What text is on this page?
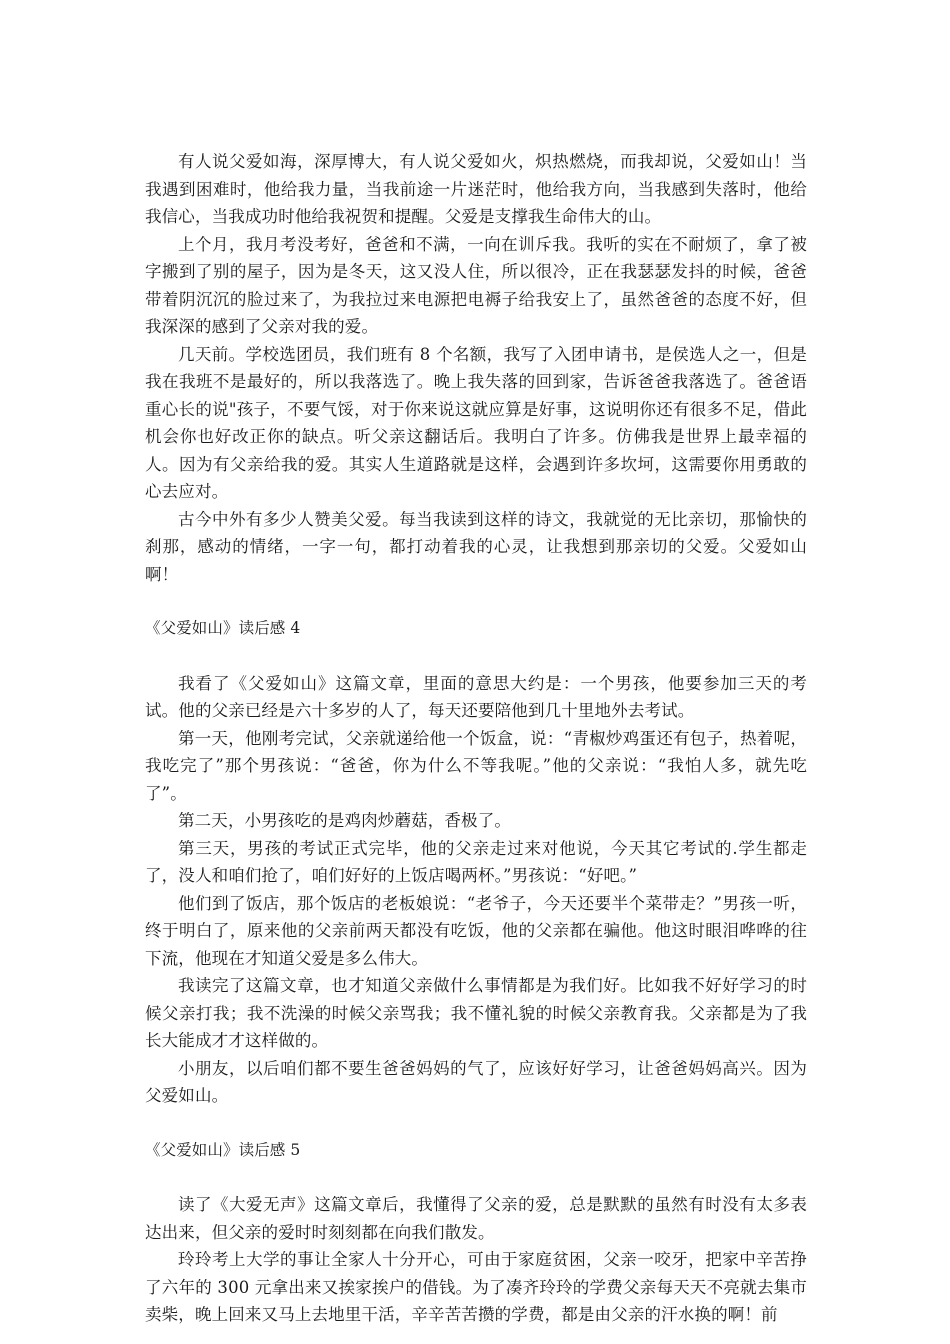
有人说父爱如海，深厚博大，有人说父爱如火，炽热燃烧，而我却说，父爱如山！当我遇到困难时，他给我力量，当我前途一片迷茫时，他给我方向，当我感到失落时，他给我信心，当我成功时他给我祝贺和提醒。父爱是支撑我生命伟大的山。

上个月，我月考没考好，爸爸和不满，一向在训斥我。我听的实在不耐烦了，拿了被字搬到了别的屋子，因为是冬天，这又没人住，所以很冷，正在我瑟瑟发抖的时候，爸爸带着阴沉沉的脸过来了，为我拉过来电源把电褥子给我安上了，虽然爸爸的态度不好，但我深深的感到了父亲对我的爱。

几天前。学校选团员，我们班有 8 个名额，我写了入团申请书，是侯选人之一，但是我在我班不是最好的，所以我落选了。晚上我失落的回到家，告诉爸爸我落选了。爸爸语重心长的说"孩子，不要气馁，对于你来说这就应算是好事，这说明你还有很多不足，借此机会你也好改正你的缺点。听父亲这翻话后。我明白了许多。仿佛我是世界上最幸福的人。因为有父亲给我的爱。其实人生道路就是这样，会遇到许多坎坷，这需要你用勇敢的心去应对。

古今中外有多少人赞美父爱。每当我读到这样的诗文，我就觉的无比亲切，那愉快的刹那，感动的情绪，一字一句，都打动着我的心灵，让我想到那亲切的父爱。父爱如山啊！

《父爱如山》读后感 4

我看了《父爱如山》这篇文章，里面的意思大约是：一个男孩，他要参加三天的考试。他的父亲已经是六十多岁的人了，每天还要陪他到几十里地外去考试。

第一天，他刚考完试，父亲就递给他一个饭盒，说：“青椒炒鸡蛋还有包子，热着呢，我吃完了”那个男孩说：“爸爸，你为什么不等我呢。”他的父亲说：“我怕人多，就先吃了”。

第二天，小男孩吃的是鸡肉炒蘑菇，香极了。

第三天，男孩的考试正式完毕，他的父亲走过来对他说，今天其它考试的.学生都走了，没人和咱们抢了，咱们好好的上饭店喝两杯。”男孩说：“好吧。”

他们到了饭店，那个饭店的老板娘说：“老爷子，今天还要半个菜带走？”男孩一听，终于明白了，原来他的父亲前两天都没有吃饭，他的父亲都在骗他。他这时眼泪哗哗的往下流，他现在才知道父爱是多么伟大。

我读完了这篇文章，也才知道父亲做什么事情都是为我们好。比如我不好好学习的时候父亲打我；我不洗澡的时候父亲骂我；我不懂礼貌的时候父亲教育我。父亲都是为了我长大能成才才这样做的。

小朋友，以后咱们都不要生爸爸妈妈的气了，应该好好学习，让爸爸妈妈高兴。因为父爱如山。

《父爱如山》读后感 5

读了《大爱无声》这篇文章后，我懂得了父亲的爱，总是默默的虽然有时没有太多表达出来，但父亲的爱时时刻刻都在向我们散发。

玲玲考上大学的事让全家人十分开心，可由于家庭贫困，父亲一咬牙，把家中辛苦挣了六年的 300 元拿出来又挨家挨户的借钱。为了凑齐玲玲的学费父亲每天天不亮就去集市卖柴，晚上回来又马上去地里干活，辛辛苦苦攒的学费，都是由父亲的汗水换的啊！前
